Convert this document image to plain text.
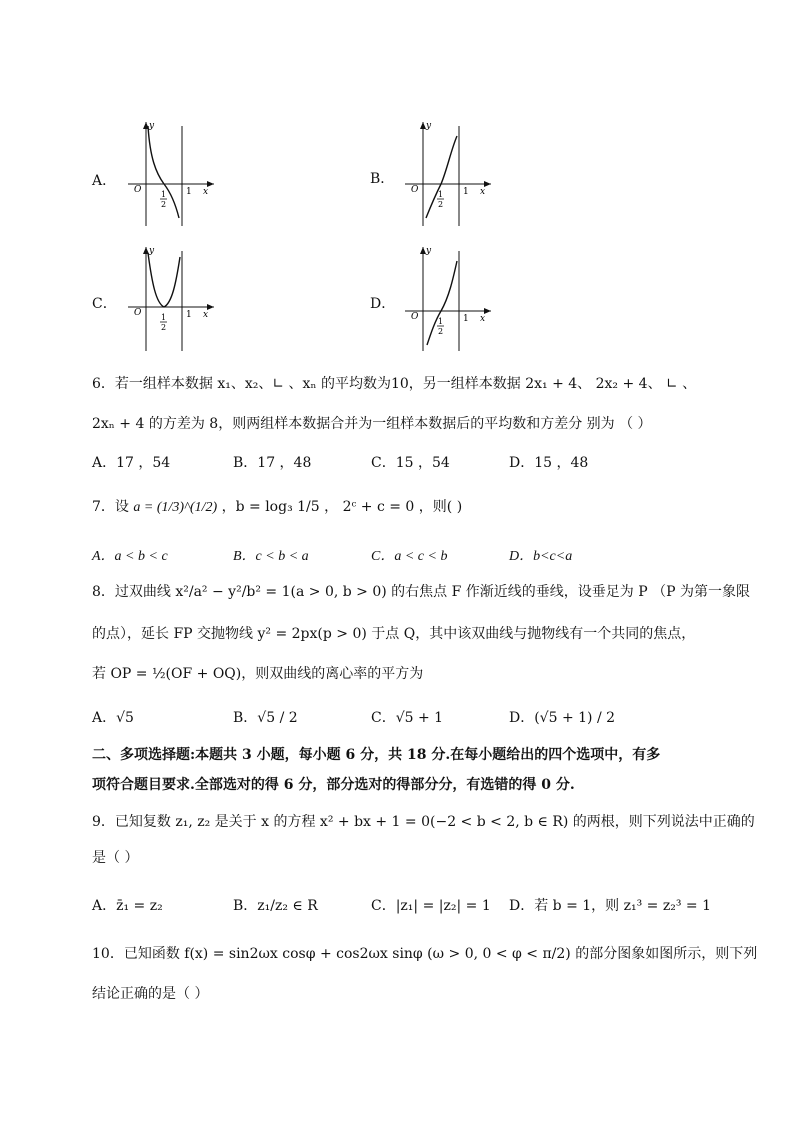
A．
y
O	x
1
1
2
B．
y
O	x
1
1
2
C．
y
O	x
1
1
2
D．
y
O	x
1
1
2
6．若一组样本数据 x₁、x₂、∟ 、xₙ 的平均数为10，另一组样本数据 2x₁ + 4、 2x₂ + 4、 ∟ 、
2xₙ + 4 的方差为 8，则两组样本数据合并为一组样本数据后的平均数和方差分 别为 （ ）
A．17 ，54	B．17 ，48	C．15 ，54	D．15 ，48
7．设 a = (1/3)^(1/2) ，b = log₃ 1/5 ， 2ᶜ + c = 0 ，则( )
A．a < b < c	B．c < b < a	C．a < c < b	D．b<c<a
8．过双曲线 x²/a² − y²/b² = 1(a > 0, b > 0) 的右焦点 F 作渐近线的垂线，设垂足为 P （P 为第一象限
的点），延长 FP 交抛物线 y² = 2px(p > 0) 于点 Q，其中该双曲线与抛物线有一个共同的焦点，
若 OP = ½(OF + OQ)，则双曲线的离心率的平方为
A．√5	B．√5 / 2	C．√5 + 1	D．(√5 + 1) / 2
二、多项选择题:本题共 3 小题，每小题 6 分，共 18 分.在每小题给出的四个选项中，有多
项符合题目要求.全部选对的得 6 分，部分选对的得部分分，有选错的得 0 分.
9．已知复数 z₁, z₂ 是关于 x 的方程 x² + bx + 1 = 0(−2 < b < 2, b ∈ R) 的两根，则下列说法中正确的
是（ ）
A．z̄₁ = z₂	B．z₁/z₂ ∈ R	C．|z₁| = |z₂| = 1 D．若 b = 1，则 z₁³ = z₂³ = 1
10．已知函数 f(x) = sin2ωx cosφ + cos2ωx sinφ (ω > 0, 0 < φ < π/2) 的部分图象如图所示，则下列
结论正确的是（ ）
